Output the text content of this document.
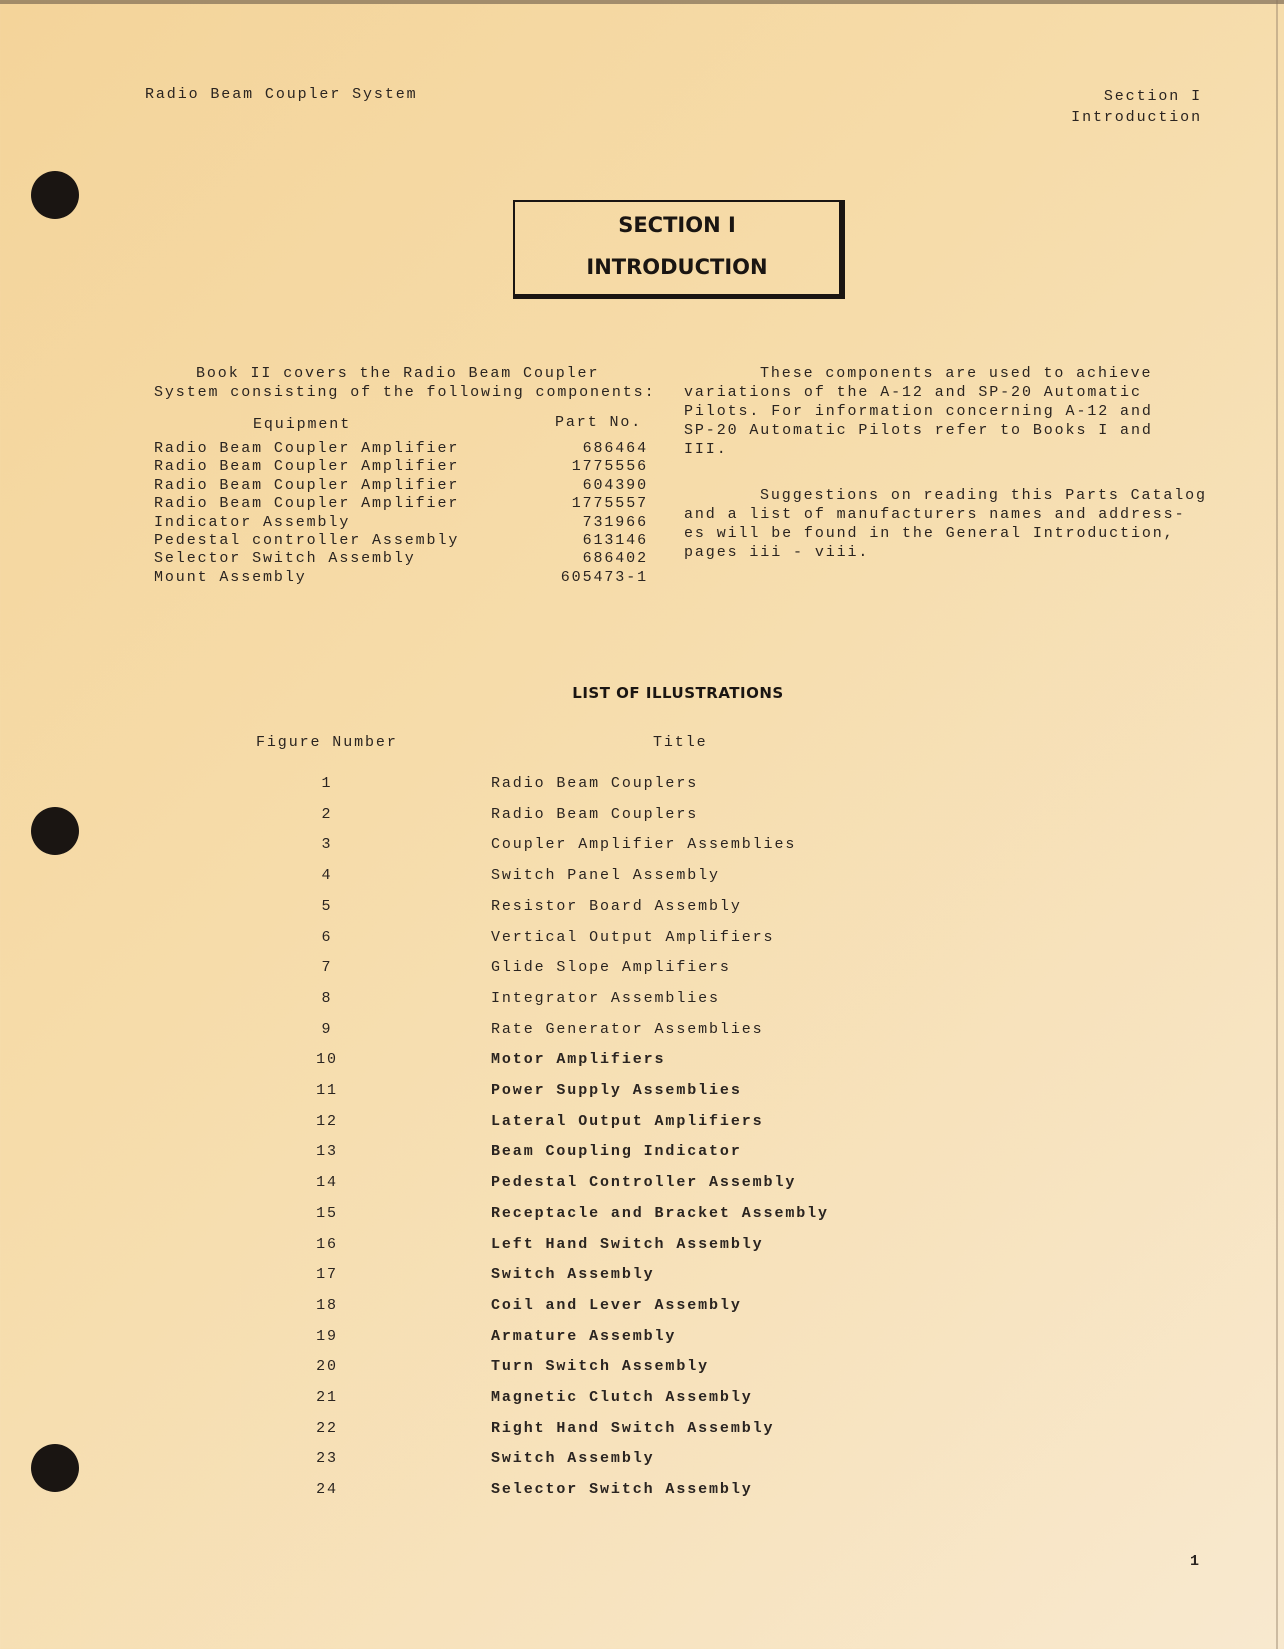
Radio Beam Coupler System	Section I
Introduction
SECTION I
INTRODUCTION
Book II covers the Radio Beam Coupler
System consisting of the following components:
Equipment	Part No.
Radio Beam Coupler Amplifier	686464
Radio Beam Coupler Amplifier	1775556
Radio Beam Coupler Amplifier	604390
Radio Beam Coupler Amplifier	1775557
Indicator Assembly	731966
Pedestal controller Assembly	613146
Selector Switch Assembly	686402
Mount Assembly	605473-1
These components are used to achieve
variations of the A-12 and SP-20 Automatic
Pilots. For information concerning A-12 and
SP-20 Automatic Pilots refer to Books I and
III.
Suggestions on reading this Parts Catalog
and a list of manufacturers names and address-
es will be found in the General Introduction,
pages iii - viii.
LIST OF ILLUSTRATIONS
Figure Number	Title
1	Radio Beam Couplers
2	Radio Beam Couplers
3	Coupler Amplifier Assemblies
4	Switch Panel Assembly
5	Resistor Board Assembly
6	Vertical Output Amplifiers
7	Glide Slope Amplifiers
8	Integrator Assemblies
9	Rate Generator Assemblies
10	Motor Amplifiers
11	Power Supply Assemblies
12	Lateral Output Amplifiers
13	Beam Coupling Indicator
14	Pedestal Controller Assembly
15	Receptacle and Bracket Assembly
16	Left Hand Switch Assembly
17	Switch Assembly
18	Coil and Lever Assembly
19	Armature Assembly
20	Turn Switch Assembly
21	Magnetic Clutch Assembly
22	Right Hand Switch Assembly
23	Switch Assembly
24	Selector Switch Assembly
1
